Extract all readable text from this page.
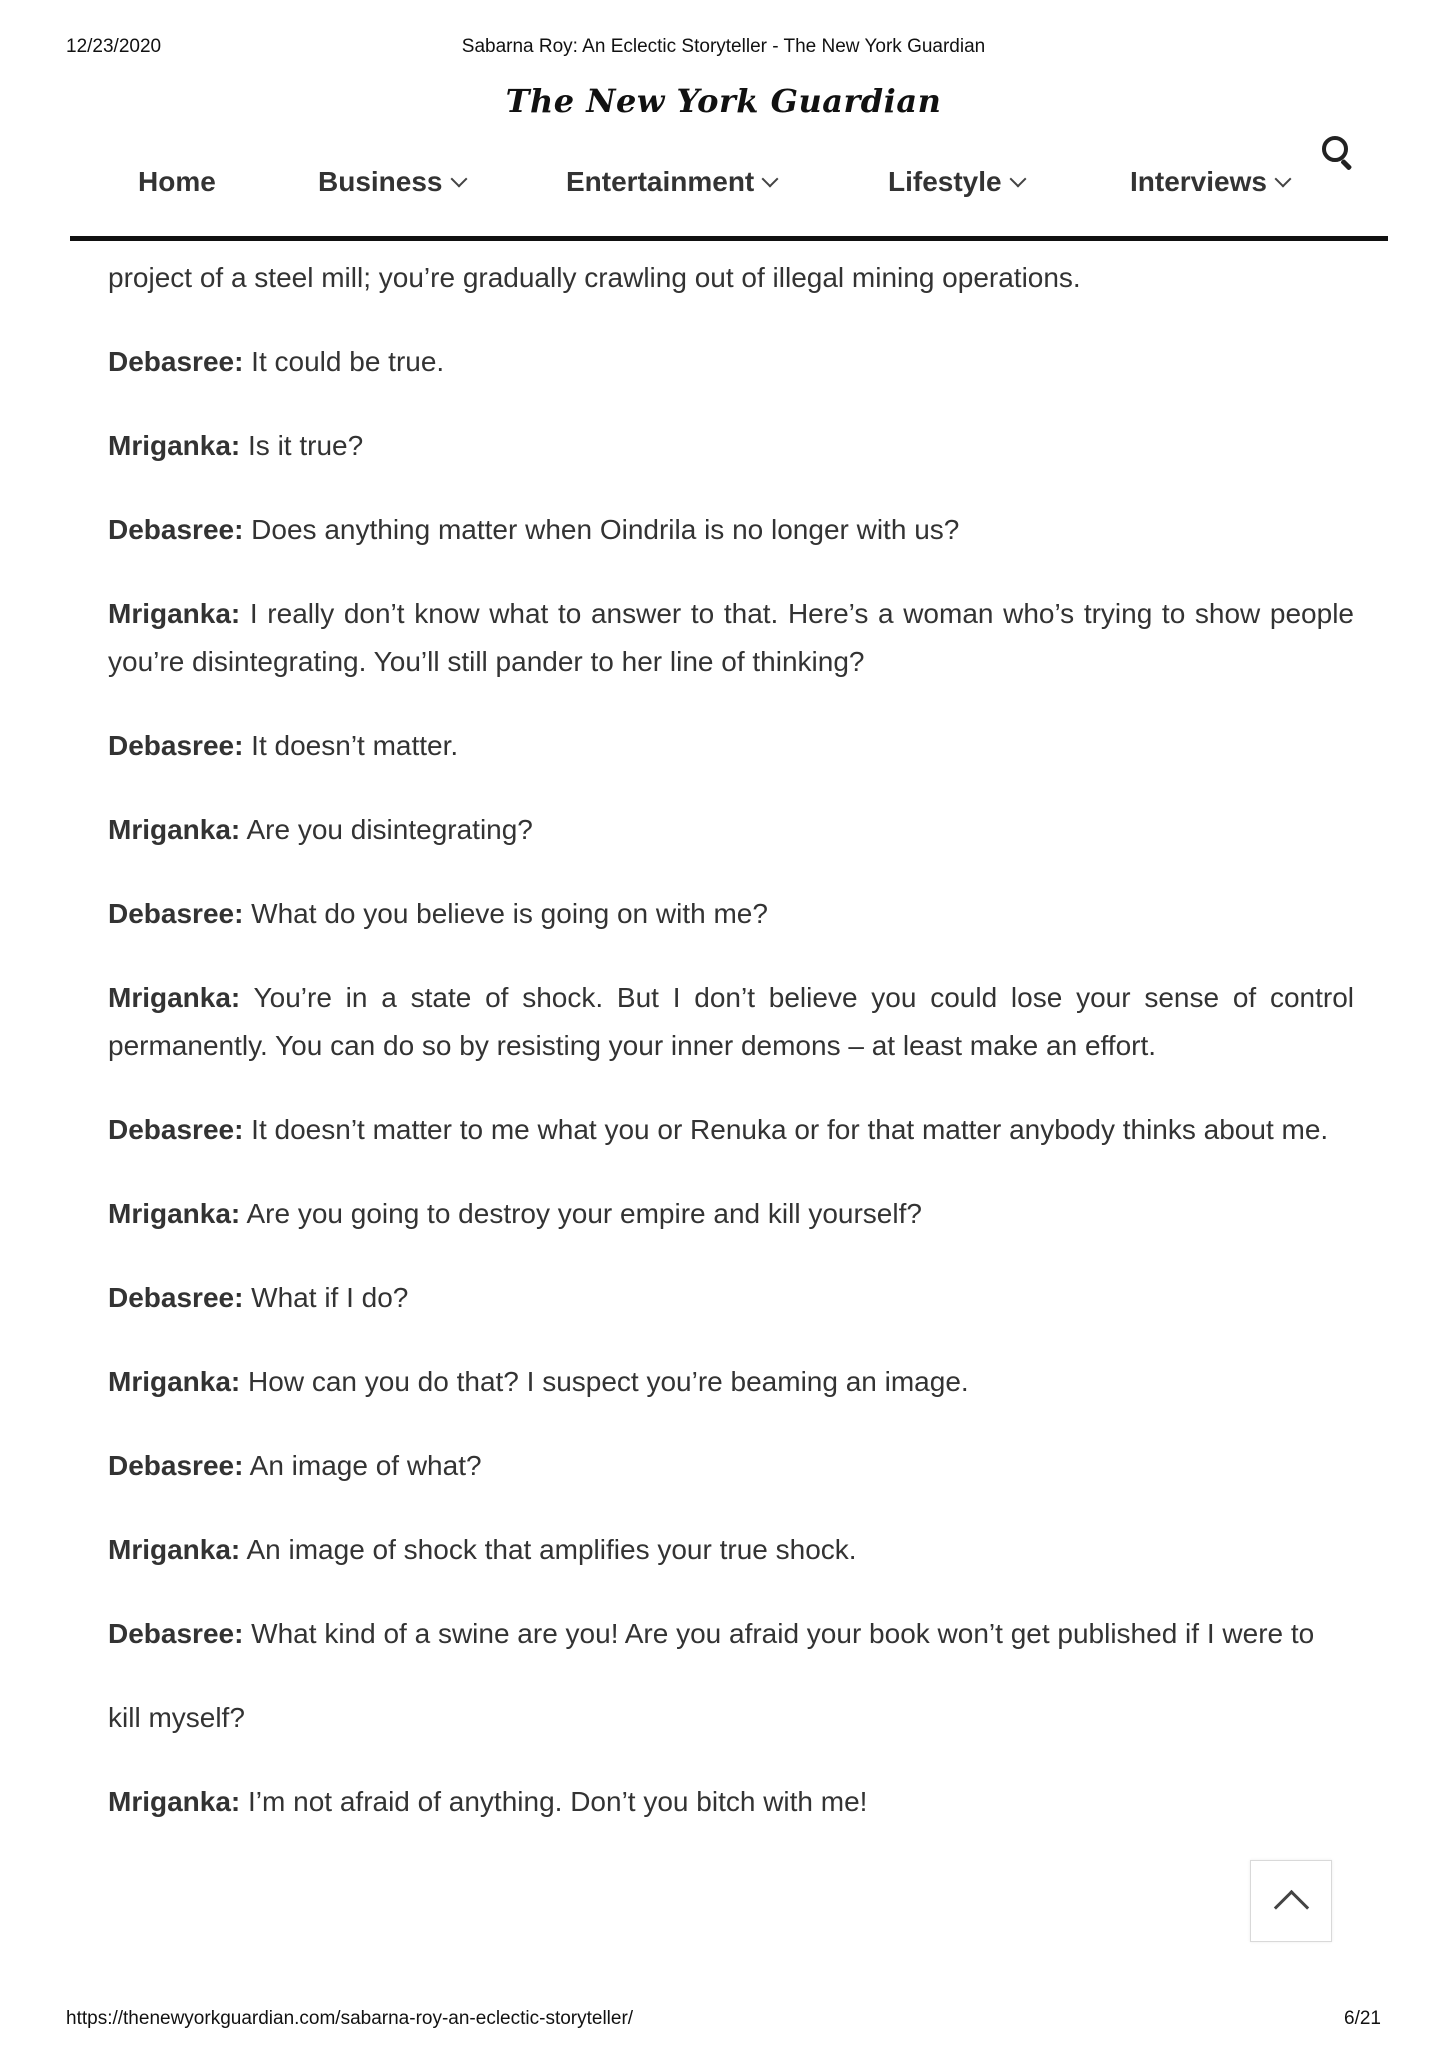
12/23/2020	Sabarna Roy: An Eclectic Storyteller - The New York Guardian
The New York Guardian
Home	Business	Entertainment	Lifestyle	Interviews

project of a steel mill; you’re gradually crawling out of illegal mining operations.

Debasree: It could be true.

Mriganka: Is it true?

Debasree: Does anything matter when Oindrila is no longer with us?

Mriganka: I really don’t know what to answer to that. Here’s a woman who’s trying to show people you’re disintegrating. You’ll still pander to her line of thinking?

Debasree: It doesn’t matter.

Mriganka: Are you disintegrating?

Debasree: What do you believe is going on with me?

Mriganka: You’re in a state of shock. But I don’t believe you could lose your sense of control permanently. You can do so by resisting your inner demons – at least make an effort.

Debasree: It doesn’t matter to me what you or Renuka or for that matter anybody thinks about me.

Mriganka: Are you going to destroy your empire and kill yourself?

Debasree: What if I do?

Mriganka: How can you do that? I suspect you’re beaming an image.

Debasree: An image of what?

Mriganka: An image of shock that amplifies your true shock.

Debasree: What kind of a swine are you! Are you afraid your book won’t get published if I were to

kill myself?

Mriganka: I’m not afraid of anything. Don’t you bitch with me!

https://thenewyorkguardian.com/sabarna-roy-an-eclectic-storyteller/	6/21
